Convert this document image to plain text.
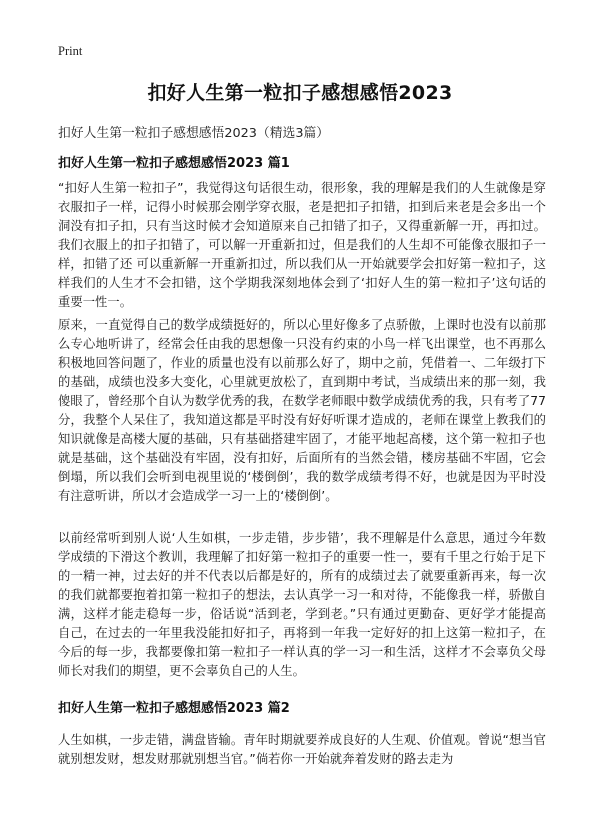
Print
扣好人生第一粒扣子感想感悟2023
扣好人生第一粒扣子感想感悟2023（精选3篇）
扣好人生第一粒扣子感想感悟2023 篇1
“扣好人生第一粒扣子”，我觉得这句话很生动，很形象，我的理解是我们的人生就像是穿衣服扣子一样，记得小时候那会刚学穿衣服，老是把扣子扣错，扣到后来老是会多出一个洞没有扣子扣，只有当这时候才会知道原来自己扣错了扣子，又得重新解一开，再扣过。我们衣服上的扣子扣错了，可以解一开重新扣过，但是我们的人生却不可能像衣服扣子一样，扣错了还 可以重新解一开重新扣过，所以我们从一开始就要学会扣好第一粒扣子，这样我们的人生才不会扣错，这个学期我深刻地体会到了‘扣好人生的第一粒扣子’这句话的重要一性一。
原来，一直觉得自己的数学成绩挺好的，所以心里好像多了点骄傲，上课时也没有以前那么专心地听讲了，经常会任由我的思想像一只没有约束的小鸟一样飞出课堂，也不再那么积极地回答问题了，作业的质量也没有以前那么好了，期中之前，凭借着一、二年级打下的基础，成绩也没多大变化，心里就更放松了，直到期中考试，当成绩出来的那一刻，我傻眼了，曾经那个自认为数学优秀的我，在数学老师眼中数学成绩优秀的我，只有考了77分，我整个人呆住了，我知道这都是平时没有好好听课才造成的，老师在课堂上教我们的知识就像是高楼大厦的基础，只有基础搭建牢固了，才能平地起高楼，这个第一粒扣子也就是基础，这个基础没有牢固，没有扣好，后面所有的当然会错，楼房基础不牢固，它会倒塌，所以我们会听到电视里说的‘楼倒倒’，我的数学成绩考得不好，也就是因为平时没有注意听讲，所以才会造成学一习一上的‘楼倒倒’。
以前经常听到别人说‘人生如棋，一步走错，步步错’，我不理解是什么意思，通过今年数学成绩的下滑这个教训，我理解了扣好第一粒扣子的重要一性一，要有千里之行始于足下的一精一神，过去好的并不代表以后都是好的，所有的成绩过去了就要重新再来，每一次的我们就都要抱着扣第一粒扣子的想法，去认真学一习一和对待，不能像我一样，骄傲自满，这样才能走稳每一步，俗话说“活到老，学到老。”只有通过更勤奋、更好学才能提高自己，在过去的一年里我没能扣好扣子，再将到一年我一定好好的扣上这第一粒扣子，在今后的每一步，我都要像扣第一粒扣子一样认真的学一习一和生活，这样才不会辜负父母师长对我们的期望，更不会辜负自己的人生。
扣好人生第一粒扣子感想感悟2023 篇2
人生如棋，一步走错，满盘皆输。青年时期就要养成良好的人生观、价值观。曾说“想当官就别想发财，想发财那就别想当官。”倘若你一开始就奔着发财的路去走为
